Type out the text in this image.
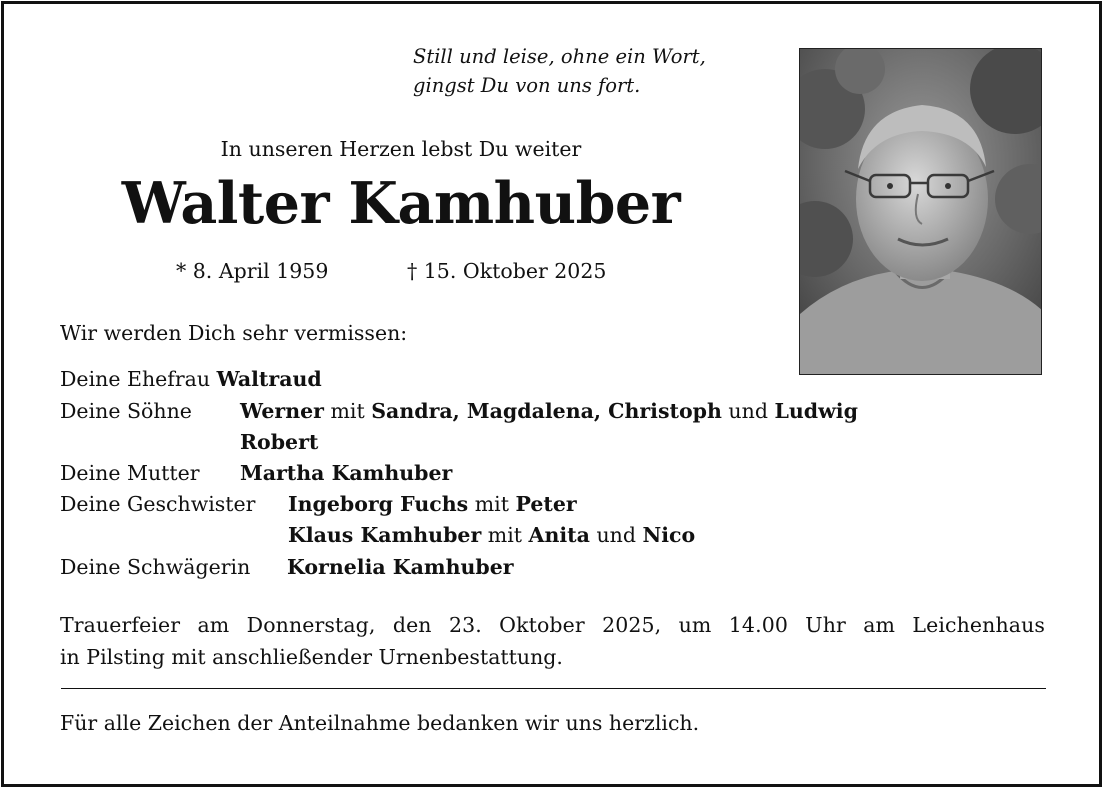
Still und leise, ohne ein Wort,
gingst Du von uns fort.
In unseren Herzen lebst Du weiter
Walter Kamhuber
* 8. April 1959	† 15. Oktober 2025
Wir werden Dich sehr vermissen:
Deine Ehefrau Waltraud
Deine Söhne Werner mit Sandra, Magdalena, Christoph und Ludwig
Robert
Deine Mutter Martha Kamhuber
Deine Geschwister Ingeborg Fuchs mit Peter
Klaus Kamhuber mit Anita und Nico
Deine Schwägerin Kornelia Kamhuber
Trauerfeier am Donnerstag, den 23. Oktober 2025, um 14.00 Uhr am Leichenhaus
in Pilsting mit anschließender Urnenbestattung.
Für alle Zeichen der Anteilnahme bedanken wir uns herzlich.
